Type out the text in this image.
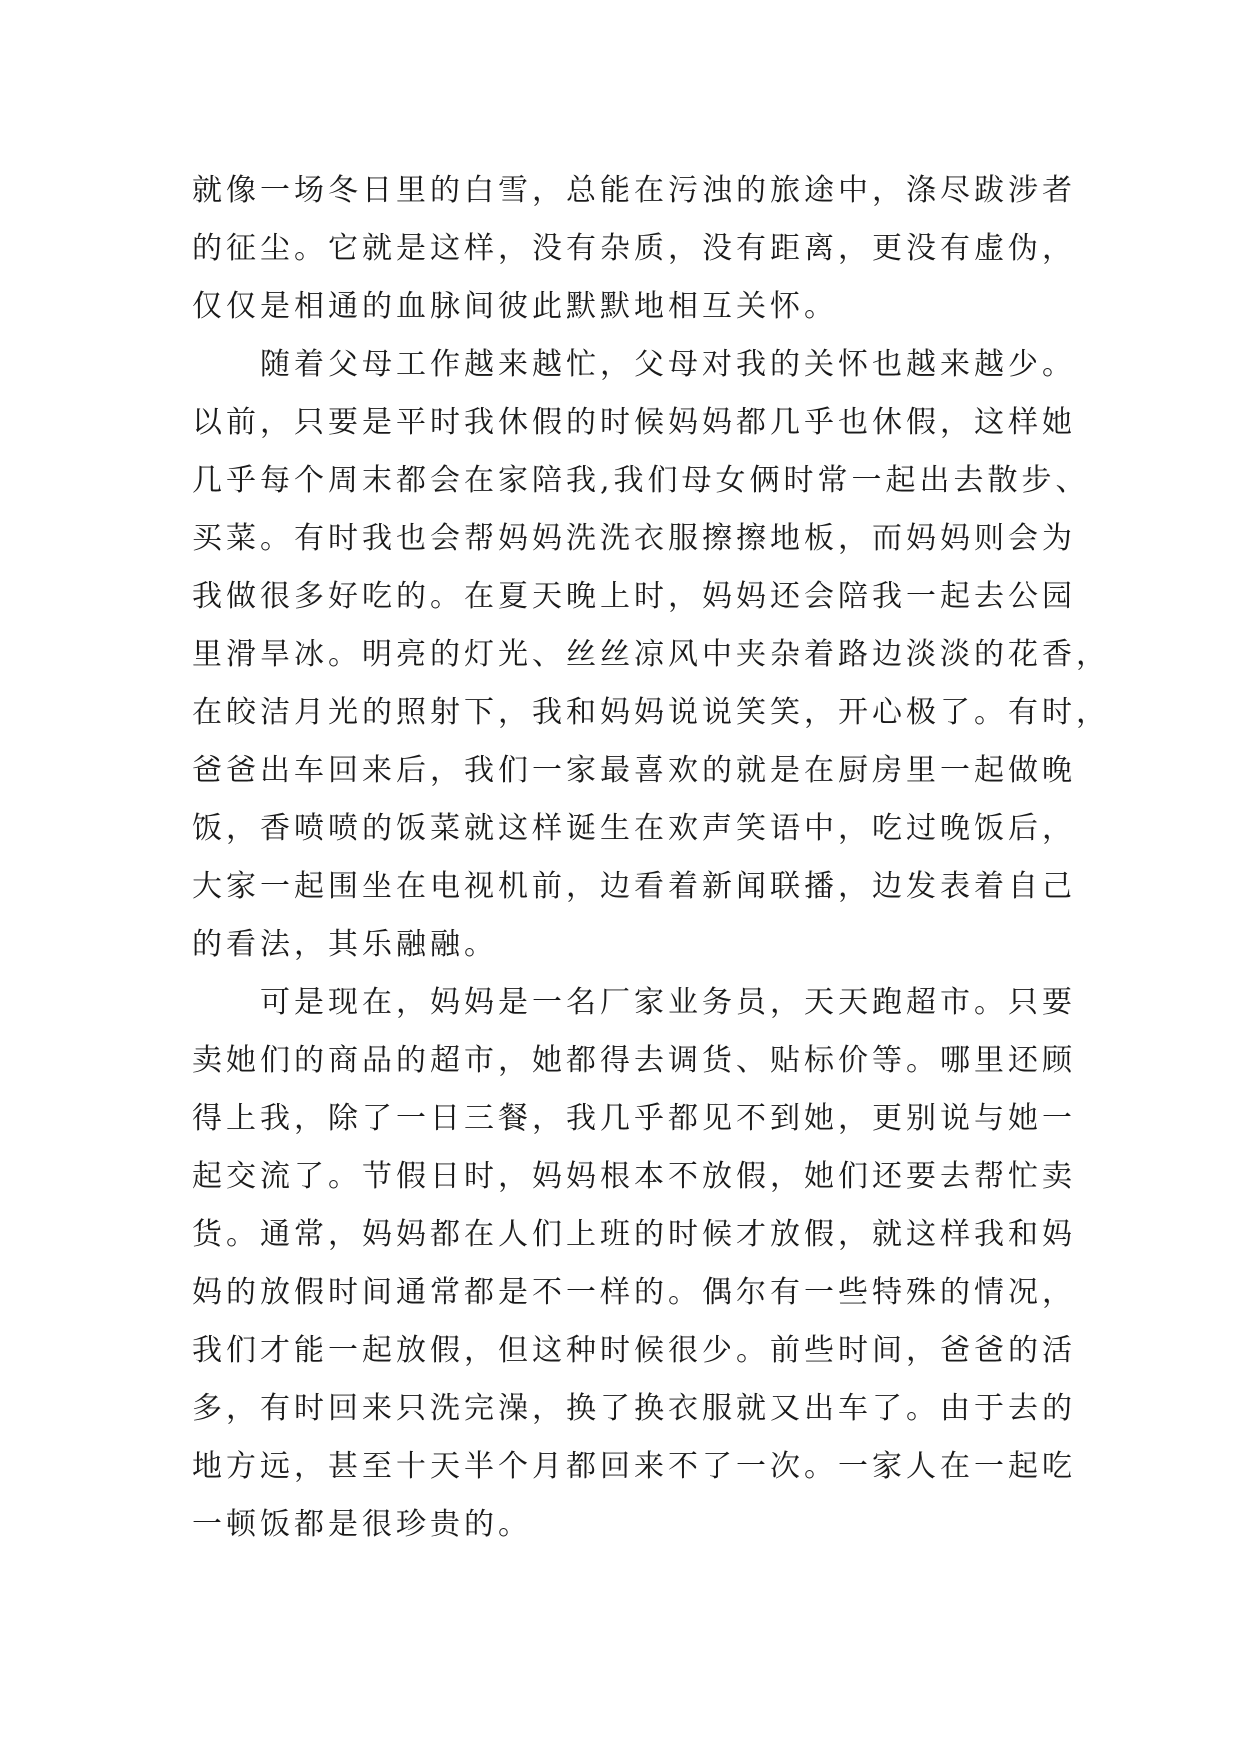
就像一场冬日里的白雪，总能在污浊的旅途中，涤尽跋涉者
的征尘。它就是这样，没有杂质，没有距离，更没有虚伪，
仅仅是相通的血脉间彼此默默地相互关怀。
随着父母工作越来越忙，父母对我的关怀也越来越少。
以前，只要是平时我休假的时候妈妈都几乎也休假，这样她
几乎每个周末都会在家陪我,我们母女俩时常一起出去散步、
买菜。有时我也会帮妈妈洗洗衣服擦擦地板，而妈妈则会为
我做很多好吃的。在夏天晚上时，妈妈还会陪我一起去公园
里滑旱冰。明亮的灯光、丝丝凉风中夹杂着路边淡淡的花香，
在皎洁月光的照射下，我和妈妈说说笑笑，开心极了。有时，
爸爸出车回来后，我们一家最喜欢的就是在厨房里一起做晚
饭，香喷喷的饭菜就这样诞生在欢声笑语中，吃过晚饭后，
大家一起围坐在电视机前，边看着新闻联播，边发表着自己
的看法，其乐融融。
可是现在，妈妈是一名厂家业务员，天天跑超市。只要
卖她们的商品的超市，她都得去调货、贴标价等。哪里还顾
得上我，除了一日三餐，我几乎都见不到她，更别说与她一
起交流了。节假日时，妈妈根本不放假，她们还要去帮忙卖
货。通常，妈妈都在人们上班的时候才放假，就这样我和妈
妈的放假时间通常都是不一样的。偶尔有一些特殊的情况，
我们才能一起放假，但这种时候很少。前些时间，爸爸的活
多，有时回来只洗完澡，换了换衣服就又出车了。由于去的
地方远，甚至十天半个月都回来不了一次。一家人在一起吃
一顿饭都是很珍贵的。
